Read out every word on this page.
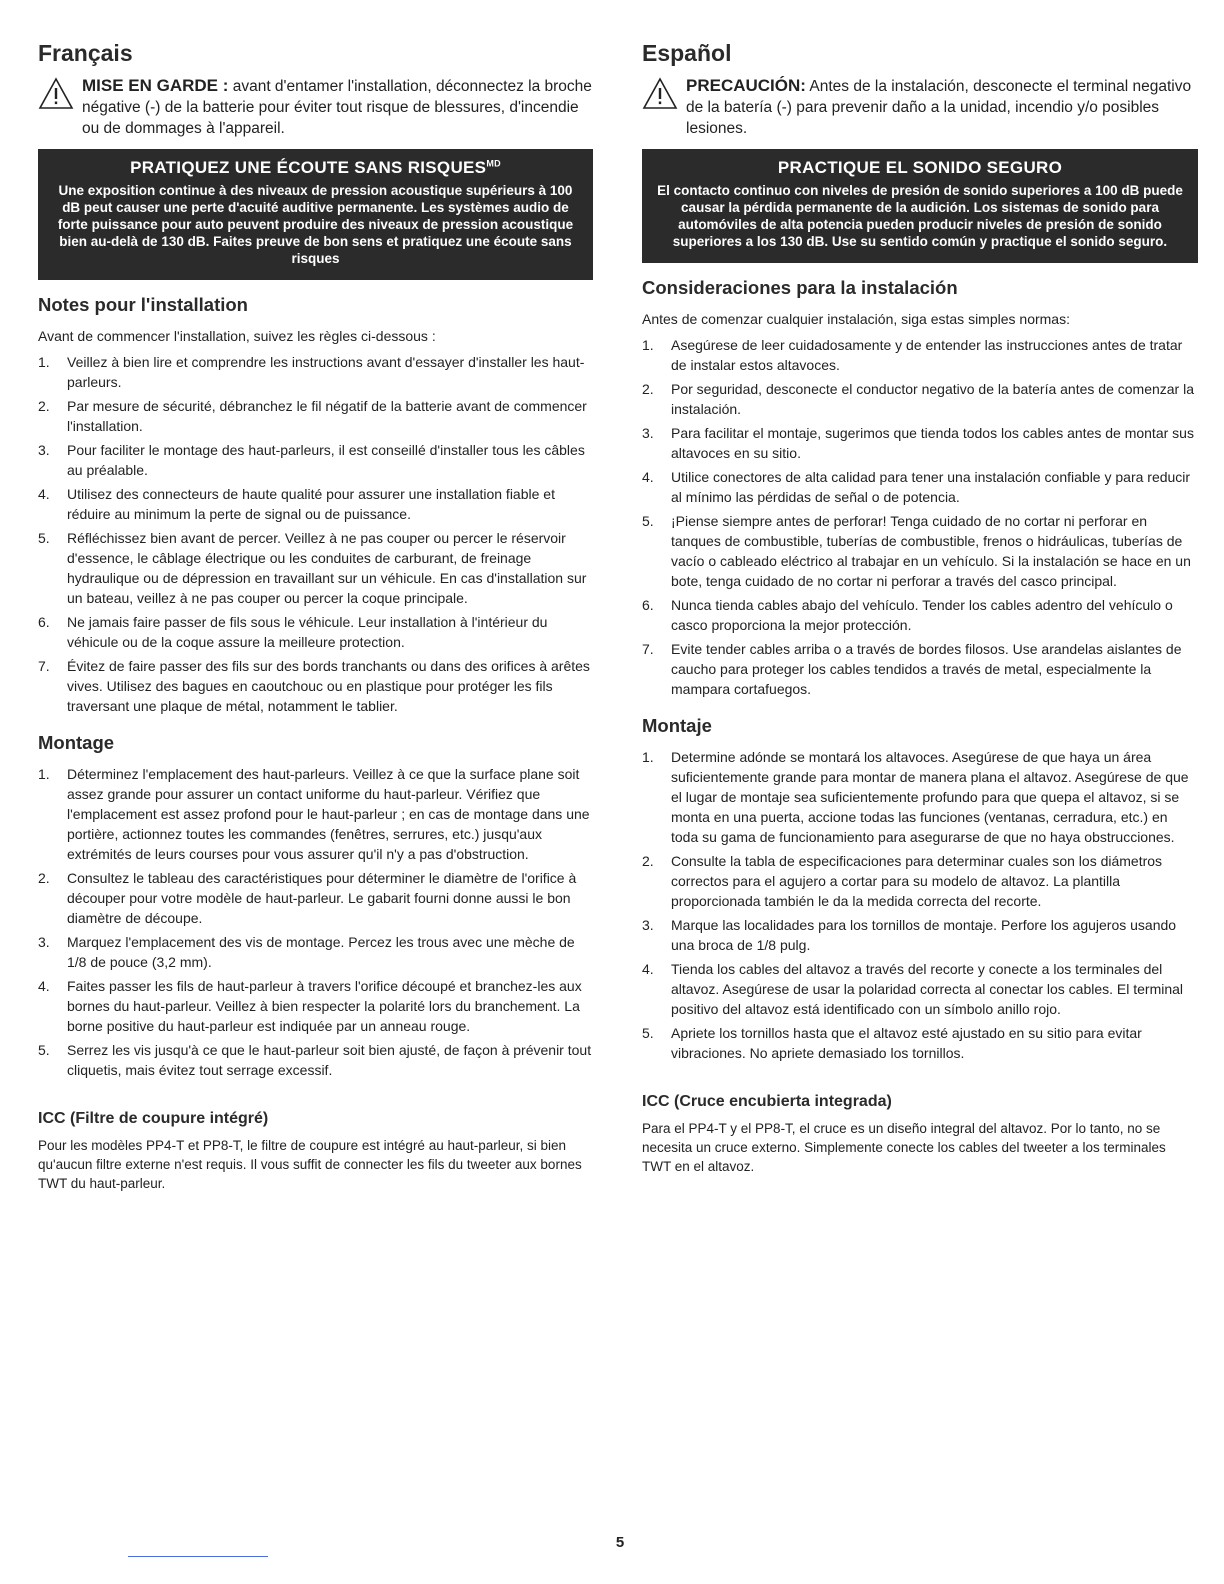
Français
MISE EN GARDE : avant d'entamer l'installation, déconnectez la broche négative (-) de la batterie pour éviter tout risque de blessures, d'incendie ou de dommages à l'appareil.
PRATIQUEZ UNE ÉCOUTE SANS $RISQUES^{MD}$
Une exposition continue à des niveaux de pression acoustique supérieurs à 100 dB peut causer une perte d'acuité auditive permanente. Les systèmes audio de forte puissance pour auto peuvent produire des niveaux de pression acoustique bien au-delà de 130 dB. Faites preuve de bon sens et pratiquez une écoute sans risques
Notes pour l'installation

Avant de commencer l'installation, suivez les règles ci-dessous :

1. Veillez à bien lire et comprendre les instructions avant d'essayer d'installer les haut-parleurs.
2. Par mesure de sécurité, débranchez le fil négatif de la batterie avant de commencer l'installation.
3. Pour faciliter le montage des haut-parleurs, il est conseillé d'installer tous les câbles au préalable.
4. Utilisez des connecteurs de haute qualité pour assurer une installation fiable et réduire au minimum la perte de signal ou de puissance.
5. Réfléchissez bien avant de percer. Veillez à ne pas couper ou percer le réservoir d'essence, le câblage électrique ou les conduites de carburant, de freinage hydraulique ou de dépression en travaillant sur un véhicule. En cas d'installation sur un bateau, veillez à ne pas couper ou percer la coque principale.
6. Ne jamais faire passer de fils sous le véhicule. Leur installation à l'intérieur du véhicule ou de la coque assure la meilleure protection.
7. Évitez de faire passer des fils sur des bords tranchants ou dans des orifices à arêtes vives. Utilisez des bagues en caoutchouc ou en plastique pour protéger les fils traversant une plaque de métal, notamment le tablier.
Montage
1. Déterminez l'emplacement des haut-parleurs. Veillez à ce que la surface plane soit assez grande pour assurer un contact uniforme du haut-parleur. Vérifiez que l'emplacement est assez profond pour le haut-parleur ; en cas de montage dans une portière, actionnez toutes les commandes (fenêtres, serrures, etc.) jusqu'aux extrémités de leurs courses pour vous assurer qu'il n'y a pas d'obstruction.
2. Consultez le tableau des caractéristiques pour déterminer le diamètre de l'orifice à découper pour votre modèle de haut-parleur. Le gabarit fourni donne aussi le bon diamètre de découpe.
3. Marquez l'emplacement des vis de montage. Percez les trous avec une mèche de 1/8 de pouce (3,2 mm).
4. Faites passer les fils de haut-parleur à travers l'orifice découpé et branchez-les aux bornes du haut-parleur. Veillez à bien respecter la polarité lors du branchement. La borne positive du haut-parleur est indiquée par un anneau rouge.
5. Serrez les vis jusqu'à ce que le haut-parleur soit bien ajusté, de façon à prévenir tout cliquetis, mais évitez tout serrage excessif.
ICC (Filtre de coupure intégré)

Pour les modèles PP4-T et PP8-T, le filtre de coupure est intégré au haut-parleur, si bien qu'aucun filtre externe n'est requis. Il vous suffit de connecter les fils du tweeter aux bornes TWT du haut-parleur.

Español
PRECAUCIÓN: Antes de la instalación, desconecte el terminal negativo de la batería (-) para prevenir daño a la unidad, incendio y/o posibles lesiones.
PRACTIQUE EL SONIDO SEGURO
El contacto continuo con niveles de presión de sonido superiores a 100 dB puede causar la pérdida permanente de la audición. Los sistemas de sonido para automóviles de alta potencia pueden producir niveles de presión de sonido superiores a los 130 dB. Use su sentido común y practique el sonido seguro.
Consideraciones para la instalación

Antes de comenzar cualquier instalación, siga estas simples normas:

1. Asegúrese de leer cuidadosamente y de entender las instrucciones antes de tratar de instalar estos altavoces.
2. Por seguridad, desconecte el conductor negativo de la batería antes de comenzar la instalación.
3. Para facilitar el montaje, sugerimos que tienda todos los cables antes de montar sus altavoces en su sitio.
4. Utilice conectores de alta calidad para tener una instalación confiable y para reducir al mínimo las pérdidas de señal o de potencia.
5. ¡Piense siempre antes de perforar! Tenga cuidado de no cortar ni perforar en tanques de combustible, tuberías de combustible, frenos o hidráulicas, tuberías de vacío o cableado eléctrico al trabajar en un vehículo. Si la instalación se hace en un bote, tenga cuidado de no cortar ni perforar a través del casco principal.
6. Nunca tienda cables abajo del vehículo. Tender los cables adentro del vehículo o casco proporciona la mejor protección.
7. Evite tender cables arriba o a través de bordes filosos. Use arandelas aislantes de caucho para proteger los cables tendidos a través de metal, especialmente la mampara cortafuegos.
Montaje
1. Determine adónde se montará los altavoces. Asegúrese de que haya un área suficientemente grande para montar de manera plana el altavoz. Asegúrese de que el lugar de montaje sea suficientemente profundo para que quepa el altavoz, si se monta en una puerta, accione todas las funciones (ventanas, cerradura, etc.) en toda su gama de funcionamiento para asegurarse de que no haya obstrucciones.
2. Consulte la tabla de especificaciones para determinar cuales son los diámetros correctos para el agujero a cortar para su modelo de altavoz. La plantilla proporcionada también le da la medida correcta del recorte.
3. Marque las localidades para los tornillos de montaje. Perfore los agujeros usando una broca de 1/8 pulg.
4. Tienda los cables del altavoz a través del recorte y conecte a los terminales del altavoz. Asegúrese de usar la polaridad correcta al conectar los cables. El terminal positivo del altavoz está identificado con un símbolo anillo rojo.
5. Apriete los tornillos hasta que el altavoz esté ajustado en su sitio para evitar vibraciones. No apriete demasiado los tornillos.
ICC (Cruce encubierta integrada)

Para el PP4-T y el PP8-T, el cruce es un diseño integral del altavoz. Por lo tanto, no se necesita un cruce externo. Simplemente conecte los cables del tweeter a los terminales TWT en el altavoz.

5
